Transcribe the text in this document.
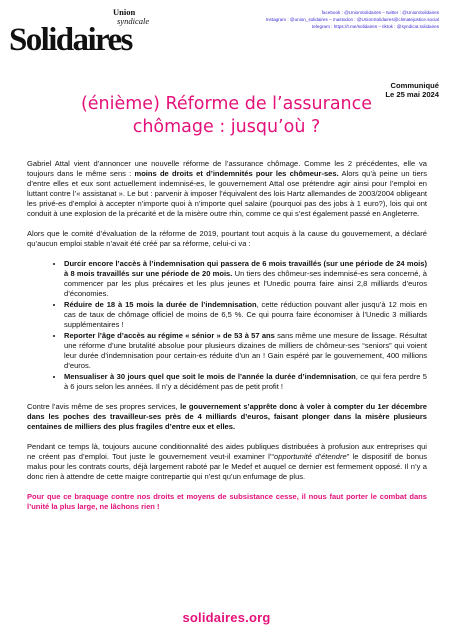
Union
syndicale
Solidaires
facebook : @UnionSolidaires – twitter : @UnionSolidaires
Instagram : @union_solidaires – mastodon : @UnionSolidaires@climatejustice.social
telegram : https://t.me/solidaires – tiktok : @syndicat.solidaires
Communiqué
Le 25 mai 2024
(énième) Réforme de l’assurance chômage : jusqu’où ?

Gabriel Attal vient d’annoncer une nouvelle réforme de l’assurance chômage. Comme les 2 précédentes, elle va toujours dans le même sens : moins de droits et d’indemnités pour les chômeur-ses. Alors qu’à peine un tiers d’entre elles et eux sont actuellement indemnisé-es, le gouvernement Attal ose prétendre agir ainsi pour l’emploi en luttant contre l’« assistanat ». Le but : parvenir à imposer l’équivalent des lois Hartz allemandes de 2003/2004 obligeant les privé-es d’emploi à accepter n’importe quoi à n’importe quel salaire (pourquoi pas des jobs à 1 euro?), lois qui ont conduit à une explosion de la précarité et de la misère outre rhin, comme ce qui s’est également passé en Angleterre.

Alors que le comité d’évaluation de la réforme de 2019, pourtant tout acquis à la cause du gouvernement, a déclaré qu’aucun emploi stable n’avait été créé par sa réforme, celui-ci va :

• Durcir encore l’accès à l’indemnisation qui passera de 6 mois travaillés (sur une période de 24 mois) à 8 mois travaillés sur une période de 20 mois. Un tiers des chômeur-ses indemnisé-es sera concerné, à commencer par les plus précaires et les plus jeunes et l’Unedic pourra faire ainsi 2,8 milliards d’euros d’économies.
• Réduire de 18 à 15 mois la durée de l’indemnisation, cette réduction pouvant aller jusqu’à 12 mois en cas de taux de chômage officiel de moins de 6,5 %. Ce qui pourra faire économiser à l’Unedic 3 milliards supplémentaires !
• Reporter l’âge d’accès au régime « sénior » de 53 à 57 ans sans même une mesure de lissage. Résultat une réforme d’une brutalité absolue pour plusieurs dizaines de milliers de chômeur-ses “seniors” qui voient leur durée d’indemnisation pour certain-es réduite d’un an ! Gain espéré par le gouvernement, 400 millions d’euros.
• Mensualiser à 30 jours quel que soit le mois de l’année la durée d’indemnisation, ce qui fera perdre 5 à 6 jours selon les années. Il n’y a décidément pas de petit profit !

Contre l’avis même de ses propres services, le gouvernement s’apprête donc à voler à compter du 1er décembre dans les poches des travailleur-ses près de 4 milliards d’euros, faisant plonger dans la misère plusieurs centaines de milliers des plus fragiles d’entre eux et elles.

Pendant ce temps là, toujours aucune conditionnalité des aides publiques distribuées à profusion aux entreprises qui ne créent pas d’emploi. Tout juste le gouvernement veut-il examiner l’“opportunité d’étendre” le dispositif de bonus malus pour les contrats courts, déjà largement raboté par le Medef et auquel ce dernier est fermement opposé. Il n’y a donc rien à attendre de cette maigre contrepartie qui n’est qu’un enfumage de plus.

Pour que ce braquage contre nos droits et moyens de subsistance cesse, il nous faut porter le combat dans l’unité la plus large, ne lâchons rien !

solidaires.org
